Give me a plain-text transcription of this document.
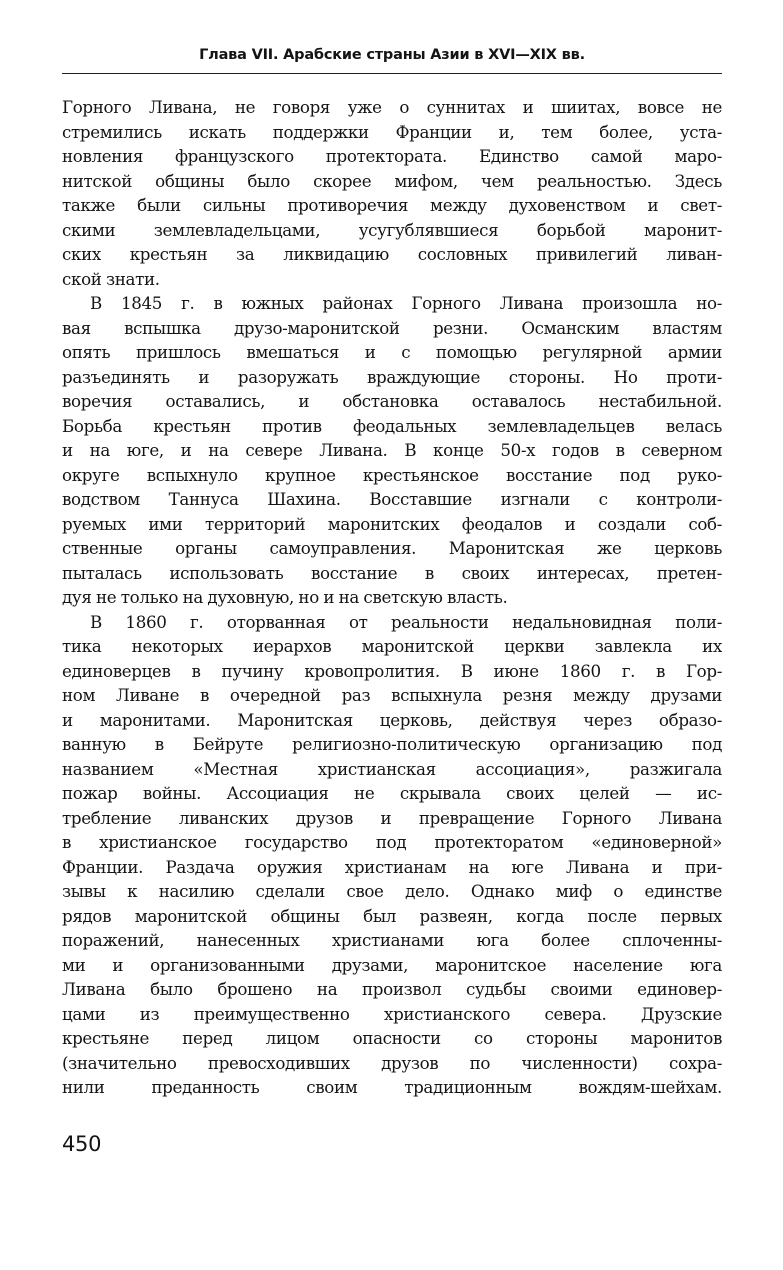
Глава VII. Арабские страны Азии в XVI—XIX вв.
Горного Ливана, не говоря уже о суннитах и шиитах, вовсе не
стремились искать поддержки Франции и, тем более, уста-
новления французского протектората. Единство самой маро-
нитской общины было скорее мифом, чем реальностью. Здесь
также были сильны противоречия между духовенством и свет-
скими землевладельцами, усугублявшиеся борьбой маронит-
ских крестьян за ликвидацию сословных привилегий ливан-
ской знати.
В 1845 г. в южных районах Горного Ливана произошла но-
вая вспышка друзо-маронитской резни. Османским властям
опять пришлось вмешаться и с помощью регулярной армии
разъединять и разоружать враждующие стороны. Но проти-
воречия оставались, и обстановка оставалось нестабильной.
Борьба крестьян против феодальных землевладельцев велась
и на юге, и на севере Ливана. В конце 50-х годов в северном
округе вспыхнуло крупное крестьянское восстание под руко-
водством Таннуса Шахина. Восставшие изгнали с контроли-
руемых ими территорий маронитских феодалов и создали соб-
ственные органы самоуправления. Маронитская же церковь
пыталась использовать восстание в своих интересах, претен-
дуя не только на духовную, но и на светскую власть.
В 1860 г. оторванная от реальности недальновидная поли-
тика некоторых иерархов маронитской церкви завлекла их
единоверцев в пучину кровопролития. В июне 1860 г. в Гор-
ном Ливане в очередной раз вспыхнула резня между друзами
и маронитами. Маронитская церковь, действуя через образо-
ванную в Бейруте религиозно-политическую организацию под
названием «Местная христианская ассоциация», разжигала
пожар войны. Ассоциация не скрывала своих целей — ис-
требление ливанских друзов и превращение Горного Ливана
в христианское государство под протекторатом «единоверной»
Франции. Раздача оружия христианам на юге Ливана и при-
зывы к насилию сделали свое дело. Однако миф о единстве
рядов маронитской общины был развеян, когда после первых
поражений, нанесенных христианами юга более сплоченны-
ми и организованными друзами, маронитское население юга
Ливана было брошено на произвол судьбы своими единовер-
цами из преимущественно христианского севера. Друзские
крестьяне перед лицом опасности со стороны маронитов
(значительно превосходивших друзов по численности) сохра-
нили преданность своим традиционным вождям-шейхам.
450
